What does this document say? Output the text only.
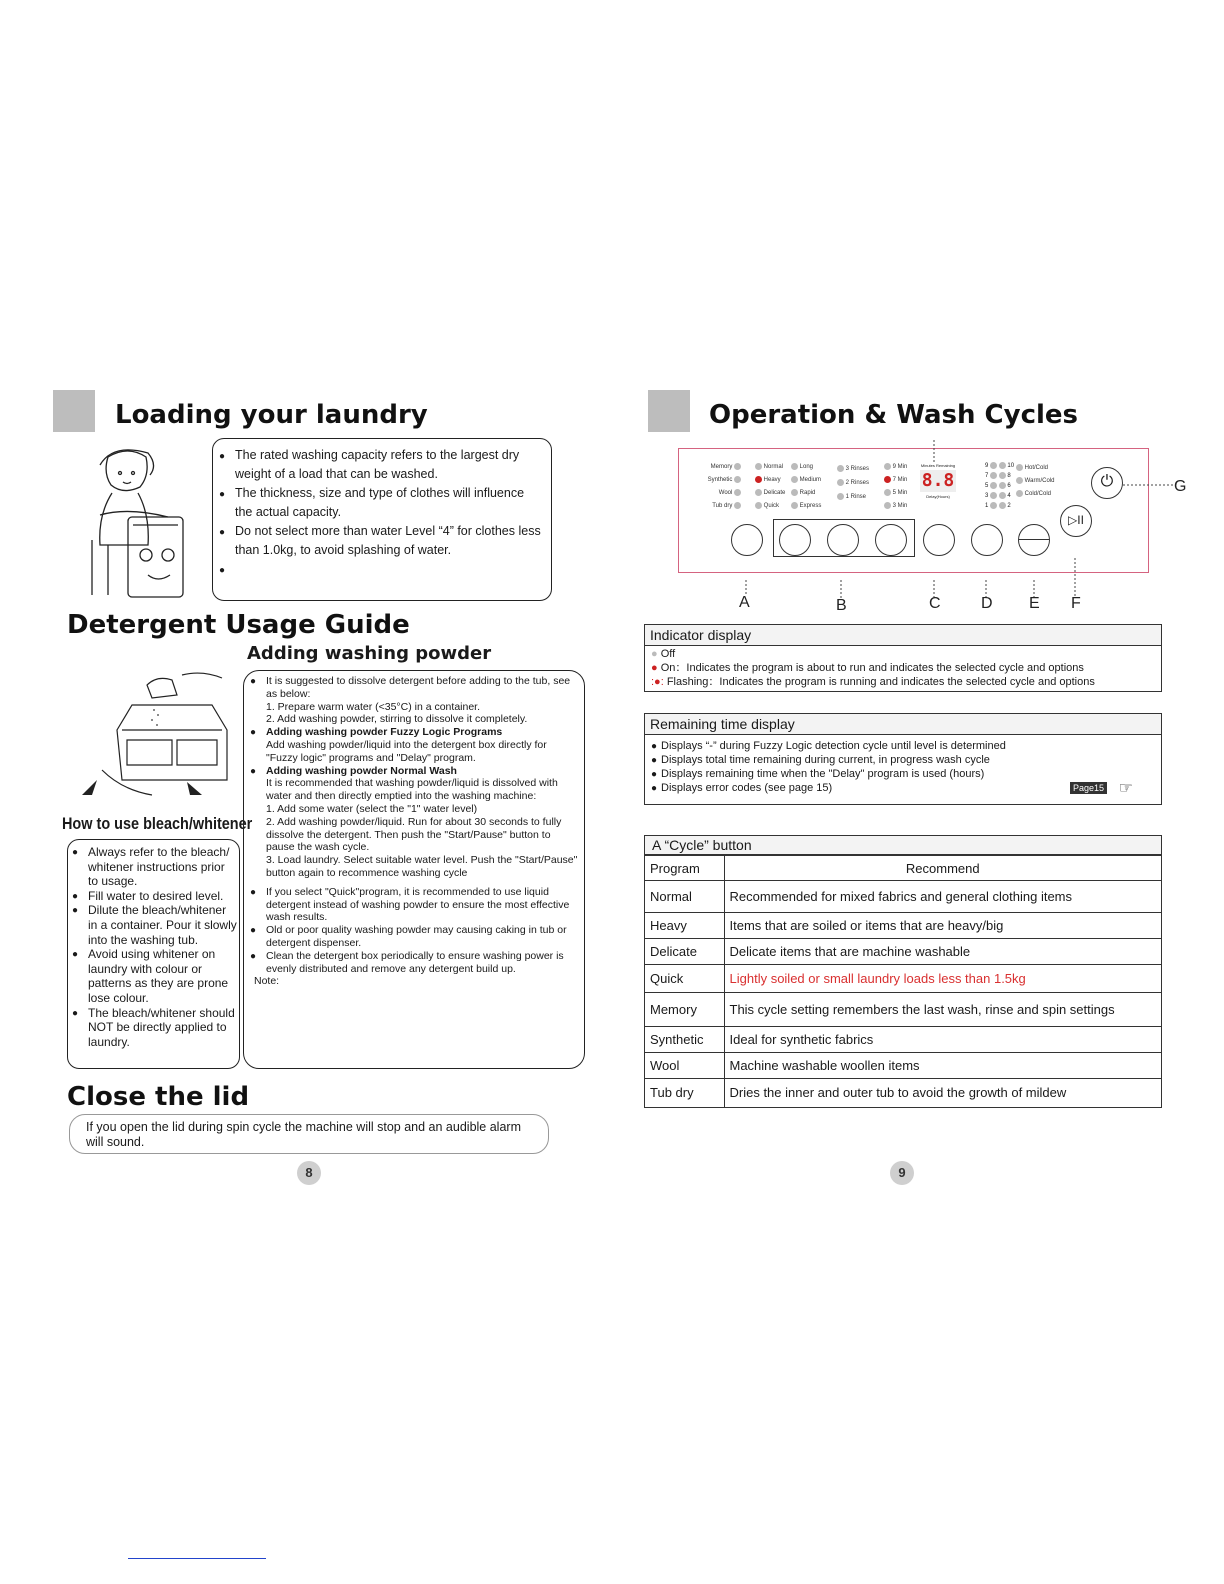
Loading your laundry
● The rated washing capacity refers to the largest dry weight of a load that can be washed.
● The thickness, size and type of clothes will influence the actual capacity.
● Do not select more than water Level “4” for clothes less than 1.0kg, to avoid splashing of water.
Detergent Usage Guide
Adding washing powder
How to use bleach/whitener
● Always refer to the bleach/ whitener instructions prior to usage.
● Fill water to desired level.
● Dilute the bleach/whitener in a container. Pour it slowly into the washing tub.
● Avoid using whitener on laundry with colour or patterns as they are prone lose colour.
● The bleach/whitener should NOT be directly applied to laundry.
● It is suggested to dissolve detergent before adding to the tub, see as below:
1. Prepare warm water (<35°C) in a container.
2. Add washing powder, stirring to dissolve it completely.
● Adding washing powder Fuzzy Logic Programs
Add washing powder/liquid into the detergent box directly for "Fuzzy logic" programs and "Delay" program.
● Adding washing powder Normal Wash
It is recommended that washing powder/liquid is dissolved with water and then directly emptied into the washing machine:
1. Add some water (select the "1" water level)
2. Add washing powder/liquid. Run for about 30 seconds to fully dissolve the detergent. Then push the "Start/Pause" button to pause the wash cycle.
3. Load laundry. Select suitable water level. Push the "Start/Pause" button again to recommence washing cycle
● If you select "Quick"program, it is recommended to use liquid detergent instead of washing powder to ensure the most effective wash results.
● Old or poor quality washing powder may causing caking in tub or detergent dispenser.
● Clean the detergent box periodically to ensure washing power is evenly distributed and remove any detergent build up.
Note:
Close the lid
If you open the lid during spin cycle the machine will stop and an audible alarm will sound.
8
Operation & Wash Cycles
Memory
Synthetic
Wool
Tub dry
Normal
Heavy
Delicate
Quick
Long
Medium
Rapid
Express
3 Rinses
2 Rinses
1 Rinse
9 Min
7 Min
5 Min
3 Min
Minutes Remaining
8.8
Delay(Hours)
9	10
7	8
5	6
3	4
1	2
Hot/Cold
Warm/Cold
Cold/Cold
⏻
▷II
A	B	C	D E F
G
Indicator display
● Off
● On：Indicates the program is about to run and indicates the selected cycle and options
:●: Flashing：Indicates the program is running and indicates the selected cycle and options
Remaining time display
● Displays “-” during Fuzzy Logic detection cycle until level is determined
● Displays total time remaining during current, in progress wash cycle
● Displays remaining time when the "Delay" program is used (hours)
● Displays error codes (see page 15)	Page15 ☞
A “Cycle” button
Program	Recommend
Normal	Recommended for mixed fabrics and general clothing items
Heavy	Items that are soiled or items that are heavy/big
Delicate	Delicate items that are machine washable
Quick	Lightly soiled or small laundry loads less than 1.5kg
Memory	This cycle setting remembers the last wash, rinse and spin settings
Synthetic	Ideal for synthetic fabrics
Wool	Machine washable woollen items
Tub dry	Dries the inner and outer tub to avoid the growth of mildew
9
